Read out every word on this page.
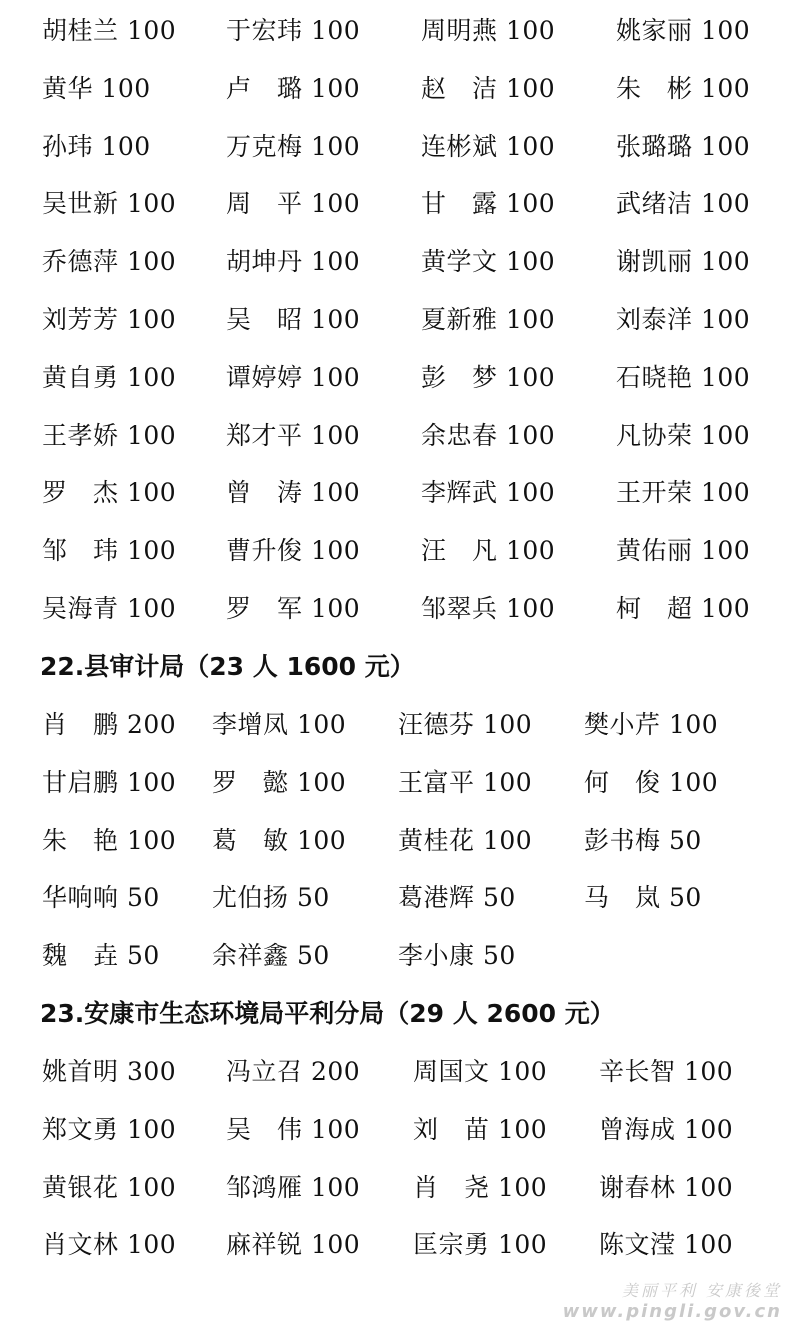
胡桂兰 100 于宏玮 100 周明燕 100 姚家丽 100
黄华 100	卢　璐 100 赵　洁 100 朱　彬 100
孙玮 100	万克梅 100 连彬斌 100 张璐璐 100
吴世新 100 周　平 100 甘　露 100 武绪洁 100
乔德萍 100 胡坤丹 100 黄学文 100 谢凯丽 100
刘芳芳 100 吴　昭 100 夏新雅 100 刘泰洋 100
黄自勇 100 谭婷婷 100 彭　梦 100 石晓艳 100
王孝娇 100 郑才平 100 余忠春 100 凡协荣 100
罗　杰 100 曾　涛 100 李辉武 100 王开荣 100
邹　玮 100 曹升俊 100 汪　凡 100 黄佑丽 100
吴海青 100 罗　军 100 邹翠兵 100 柯　超 100
22.县审计局（23 人 1600 元）
肖　鹏 200 李增凤 100 汪德芬 100 樊小芹 100
甘启鹏 100 罗　懿 100 王富平 100 何　俊 100
朱　艳 100 葛　敏 100 黄桂花 100 彭书梅 50
华响响 50 尤伯扬 50	葛港辉 50	马　岚 50
魏　垚 50 余祥鑫 50	李小康 50
23.安康市生态环境局平利分局（29 人 2600 元）
姚首明 300 冯立召 200 周国文 100 辛长智 100
郑文勇 100 吴　伟 100 刘　苗 100 曾海成 100
黄银花 100 邹鸿雁 100 肖　尧 100 谢春林 100
肖文林 100 麻祥锐 100 匡宗勇 100 陈文滢 100
美丽平利 安康後堂
www.pingli.gov.cn
